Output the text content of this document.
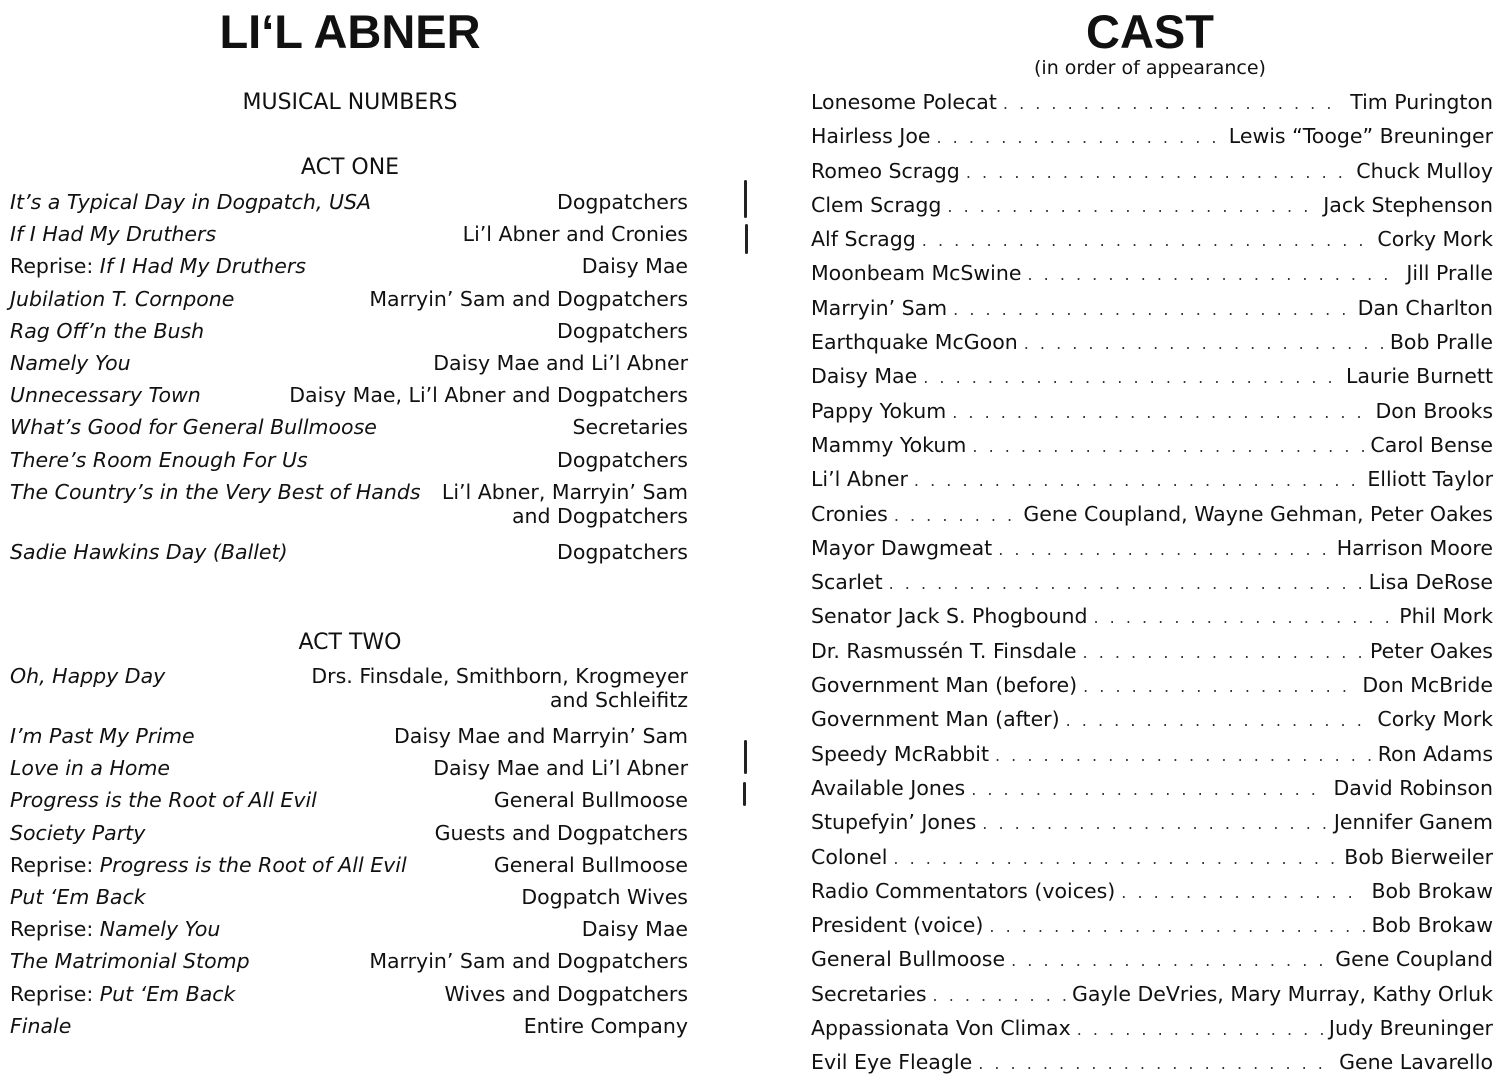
LI‘L ABNER
MUSICAL NUMBERS
ACT ONE
It’s a Typical Day in Dogpatch, USA	Dogpatchers
If I Had My Druthers	Li’l Abner and Cronies
Reprise: If I Had My Druthers	Daisy Mae
Jubilation T. Cornpone	Marryin’ Sam and Dogpatchers
Rag Off’n the Bush	Dogpatchers
Namely You	Daisy Mae and Li’l Abner
Unnecessary Town	Daisy Mae, Li’l Abner and Dogpatchers
What’s Good for General Bullmoose	Secretaries
There’s Room Enough For Us	Dogpatchers
The Country’s in the Very Best of Hands	Li’l Abner, Marryin’ Sam and Dogpatchers
Sadie Hawkins Day (Ballet)	Dogpatchers
ACT TWO
Oh, Happy Day	Drs. Finsdale, Smithborn, Krogmeyer and Schleifitz
I’m Past My Prime	Daisy Mae and Marryin’ Sam
Love in a Home	Daisy Mae and Li’l Abner
Progress is the Root of All Evil	General Bullmoose
Society Party	Guests and Dogpatchers
Reprise: Progress is the Root of All Evil	General Bullmoose
Put ‘Em Back	Dogpatch Wives
Reprise: Namely You	Daisy Mae
The Matrimonial Stomp	Marryin’ Sam and Dogpatchers
Reprise: Put ‘Em Back	Wives and Dogpatchers
Finale	Entire Company
CAST

(in order of appearance)

Lonesome Polecat . . .	Tim Purington
Hairless Joe . . .	Lewis “Tooge” Breuninger
Romeo Scragg . . .	Chuck Mulloy
Clem Scragg . . .	Jack Stephenson
Alf Scragg . . .	Corky Mork
Moonbeam McSwine . . .	Jill Pralle
Marryin’ Sam . . .	Dan Charlton
Earthquake McGoon . . .	Bob Pralle
Daisy Mae . . .	Laurie Burnett
Pappy Yokum . . .	Don Brooks
Mammy Yokum . . .	Carol Bense
Li’l Abner . . .	Elliott Taylor
Cronies . . .	Gene Coupland, Wayne Gehman, Peter Oakes
Mayor Dawgmeat . . .	Harrison Moore
Scarlet . . .	Lisa DeRose
Senator Jack S. Phogbound . . .	Phil Mork
Dr. Rasmussén T. Finsdale . . .	Peter Oakes
Government Man (before) . . .	Don McBride
Government Man (after) . . .	Corky Mork
Speedy McRabbit . . .	Ron Adams
Available Jones . . .	David Robinson
Stupefyin’ Jones . . .	Jennifer Ganem
Colonel . . .	Bob Bierweiler
Radio Commentators (voices) . . .	Bob Brokaw
President (voice) . . .	Bob Brokaw
General Bullmoose . . .	Gene Coupland
Secretaries . . .	Gayle DeVries, Mary Murray, Kathy Orluk
Appassionata Von Climax . . .	Judy Breuninger
Evil Eye Fleagle . . .	Gene Lavarello
